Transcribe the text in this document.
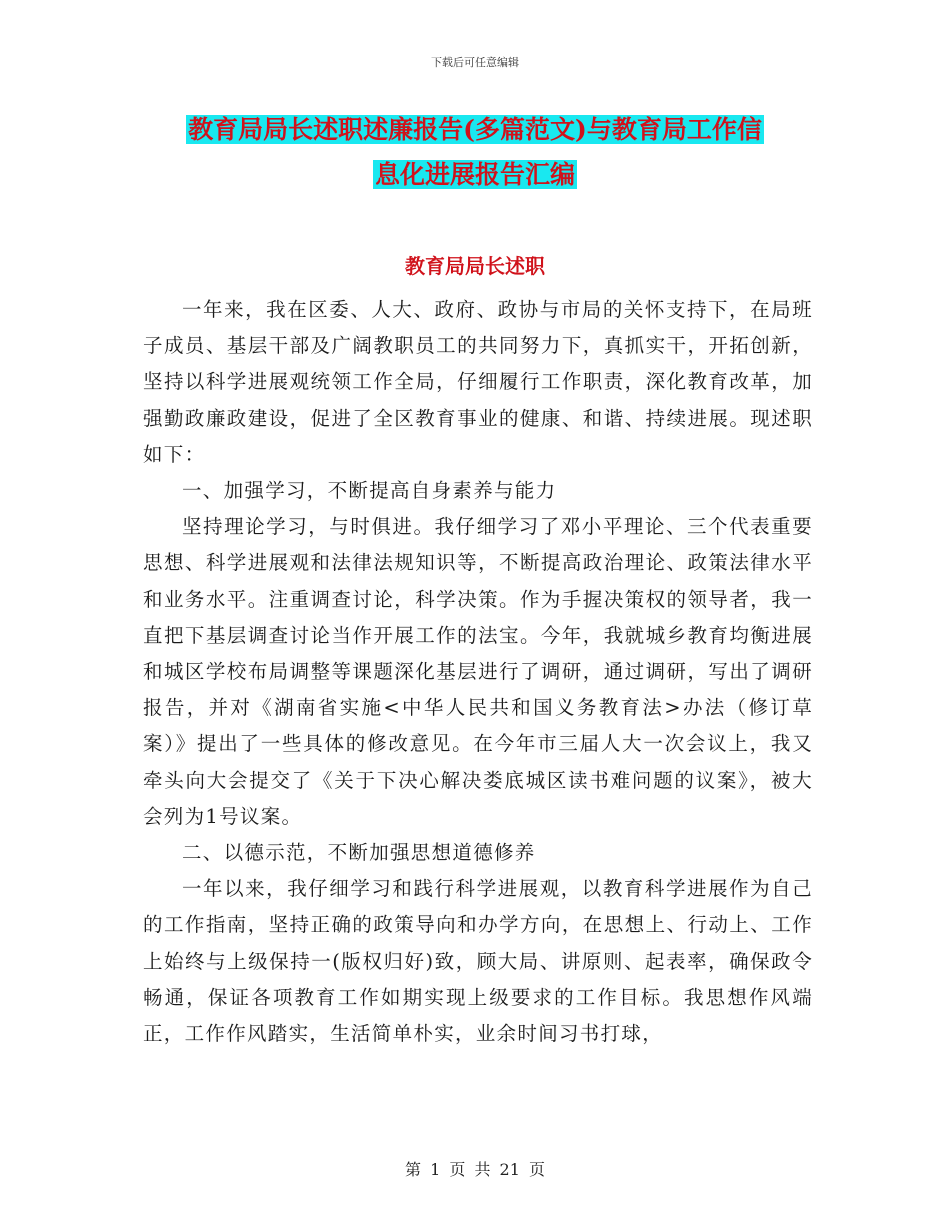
下载后可任意编辑
教育局局长述职述廉报告(多篇范文)与教育局工作信
息化进展报告汇编
教育局局长述职

一年来，我在区委、人大、政府、政协与市局的关怀支持下，在局班子成员、基层干部及广阔教职员工的共同努力下，真抓实干，开拓创新，坚持以科学进展观统领工作全局，仔细履行工作职责，深化教育改革，加强勤政廉政建设，促进了全区教育事业的健康、和谐、持续进展。现述职如下：

一、加强学习，不断提高自身素养与能力

坚持理论学习，与时俱进。我仔细学习了邓小平理论、三个代表重要思想、科学进展观和法律法规知识等，不断提高政治理论、政策法律水平和业务水平。注重调查讨论，科学决策。作为手握决策权的领导者，我一直把下基层调查讨论当作开展工作的法宝。今年，我就城乡教育均衡进展和城区学校布局调整等课题深化基层进行了调研，通过调研，写出了调研报告，并对《湖南省实施<中华人民共和国义务教育法>办法（修订草案）》提出了一些具体的修改意见。在今年市三届人大一次会议上，我又牵头向大会提交了《关于下决心解决娄底城区读书难问题的议案》，被大会列为1号议案。

二、以德示范，不断加强思想道德修养

一年以来，我仔细学习和践行科学进展观，以教育科学进展作为自己的工作指南，坚持正确的政策导向和办学方向，在思想上、行动上、工作上始终与上级保持一(版权归好)致，顾大局、讲原则、起表率，确保政令畅通，保证各项教育工作如期实现上级要求的工作目标。我思想作风端正，工作作风踏实，生活简单朴实，业余时间习书打球，

第 1 页 共 21 页
